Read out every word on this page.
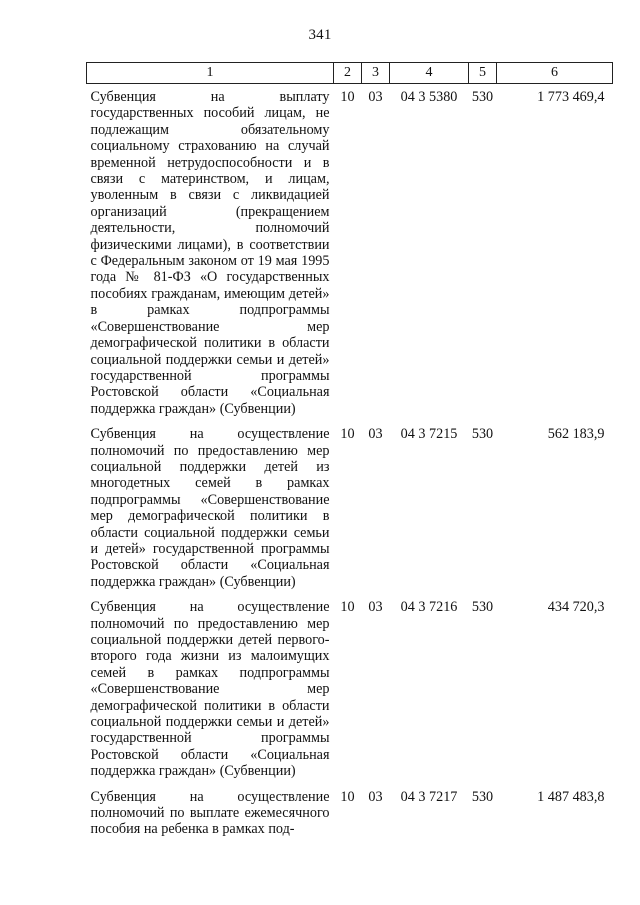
341
1	2	3	4	5	6
Субвенция на выплату государственных пособий лицам, не подлежащим обязательному социальному страхованию на случай временной нетрудоспособности и в связи с материнством, и лицам, уволенным в связи с ликвидацией организаций (прекращением деятельности, полномочий физическими лицами), в соответствии с Федеральным законом от 19 мая 1995 года № 81-ФЗ «О государственных пособиях гражданам, имеющим детей» в рамках подпрограммы «Совершенствование мер демографической политики в области социальной поддержки семьи и детей» государственной программы Ростовской области «Социальная поддержка граждан» (Субвенции)	10	03	04 3 5380	530	1 773 469,4
Субвенция на осуществление полномочий по предоставлению мер социальной поддержки детей из многодетных семей в рамках подпрограммы «Совершенствование мер демографической политики в области социальной поддержки семьи и детей» государственной программы Ростовской области «Социальная поддержка граждан» (Субвенции)	10	03	04 3 7215	530	562 183,9
Субвенция на осуществление полномочий по предоставлению мер социальной поддержки детей первого-второго года жизни из малоимущих семей в рамках подпрограммы «Совершенствование мер демографической политики в области социальной поддержки семьи и детей» государственной программы Ростовской области «Социальная поддержка граждан» (Субвенции)	10	03	04 3 7216	530	434 720,3
Субвенция на осуществление полномочий по выплате ежемесячного пособия на ребенка в рамках под-	10	03	04 3 7217	530	1 487 483,8
